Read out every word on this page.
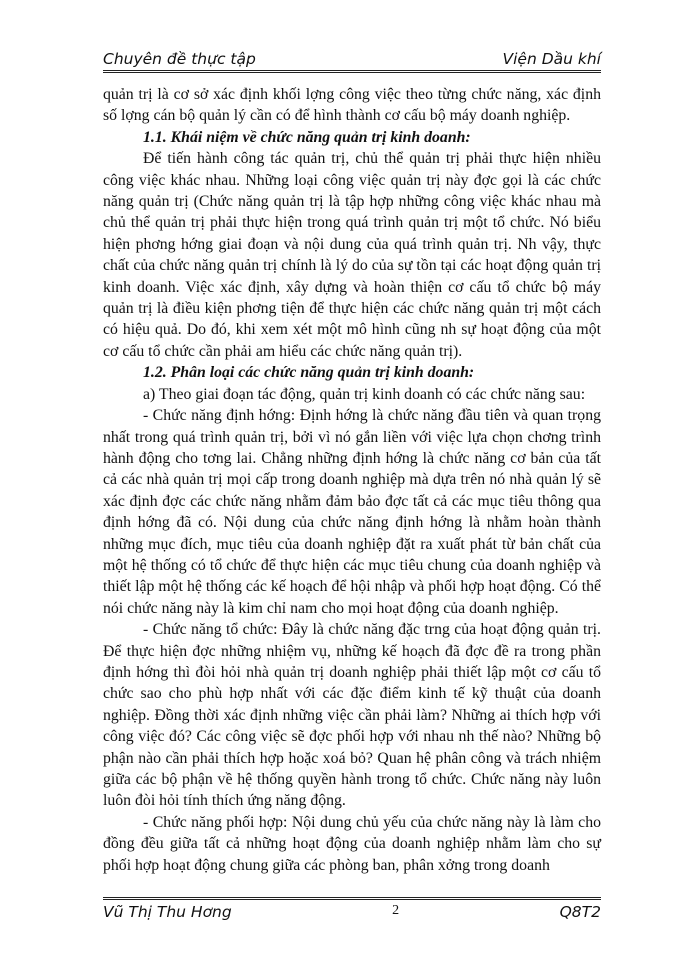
Chuyên đề thực tập	Viện Dầu khí

quản trị là cơ sở xác định khối lợng công việc theo từng chức năng, xác định số lợng cán bộ quản lý cần có để hình thành cơ cấu bộ máy doanh nghiệp.

1.1. Khái niệm về chức năng quản trị kinh doanh:

Để tiến hành công tác quản trị, chủ thể quản trị phải thực hiện nhiều công việc khác nhau. Những loại công việc quản trị này đợc gọi là các chức năng quản trị (Chức năng quản trị là tập hợp những công việc khác nhau mà chủ thể quản trị phải thực hiện trong quá trình quản trị một tổ chức. Nó biểu hiện phơng hớng giai đoạn và nội dung của quá trình quản trị. Nh vậy, thực chất của chức năng quản trị chính là lý do của sự tồn tại các hoạt động quản trị kinh doanh. Việc xác định, xây dựng và hoàn thiện cơ cấu tổ chức bộ máy quản trị là điều kiện phơng tiện để thực hiện các chức năng quản trị một cách có hiệu quả. Do đó, khi xem xét một mô hình cũng nh sự hoạt động của một cơ cấu tổ chức cần phải am hiểu các chức năng quản trị).

1.2. Phân loại các chức năng quản trị kinh doanh:

a) Theo giai đoạn tác động, quản trị kinh doanh có các chức năng sau:

- Chức năng định hớng: Định hớng là chức năng đầu tiên và quan trọng nhất trong quá trình quản trị, bởi vì nó gắn liền với việc lựa chọn chơng trình hành động cho tơng lai. Chẳng những định hớng là chức năng cơ bản của tất cả các nhà quản trị mọi cấp trong doanh nghiệp mà dựa trên nó nhà quản lý sẽ xác định đợc các chức năng nhằm đảm bảo đợc tất cả các mục tiêu thông qua định hớng đã có. Nội dung của chức năng định hớng là nhằm hoàn thành những mục đích, mục tiêu của doanh nghiệp đặt ra xuất phát từ bản chất của một hệ thống có tổ chức để thực hiện các mục tiêu chung của doanh nghiệp và thiết lập một hệ thống các kế hoạch để hội nhập và phối hợp hoạt động. Có thể nói chức năng này là kim chỉ nam cho mọi hoạt động của doanh nghiệp.

- Chức năng tổ chức: Đây là chức năng đặc trng của hoạt động quản trị. Để thực hiện đợc những nhiệm vụ, những kế hoạch đã đợc đề ra trong phần định hớng thì đòi hỏi nhà quản trị doanh nghiệp phải thiết lập một cơ cấu tổ chức sao cho phù hợp nhất với các đặc điểm kinh tế kỹ thuật của doanh nghiệp. Đồng thời xác định những việc cần phải làm? Những ai thích hợp với công việc đó? Các công việc sẽ đợc phối hợp với nhau nh thế nào? Những bộ phận nào cần phải thích hợp hoặc xoá bỏ? Quan hệ phân công và trách nhiệm giữa các bộ phận về hệ thống quyền hành trong tổ chức. Chức năng này luôn luôn đòi hỏi tính thích ứng năng động.

- Chức năng phối hợp: Nội dung chủ yếu của chức năng này là làm cho đồng đều giữa tất cả những hoạt động của doanh nghiệp nhằm làm cho sự phối hợp hoạt động chung giữa các phòng ban, phân xởng trong doanh

Vũ Thị Thu Hơng	2	Q8T2
